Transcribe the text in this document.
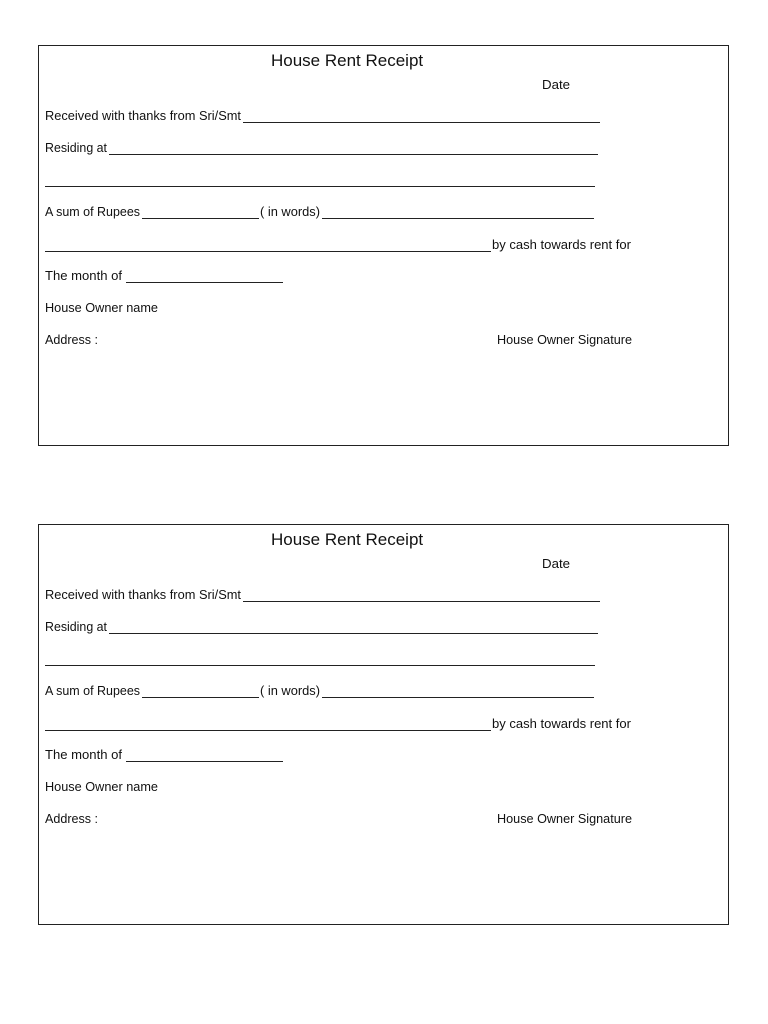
House Rent Receipt
Date
Received with thanks from Sri/Smt
Residing at
A sum of Rupees	( in words)
by cash towards rent for
The month of
House Owner name
Address :	House Owner Signature
House Rent Receipt
Date
Received with thanks from Sri/Smt
Residing at
A sum of Rupees	( in words)
by cash towards rent for
The month of
House Owner name
Address :	House Owner Signature
